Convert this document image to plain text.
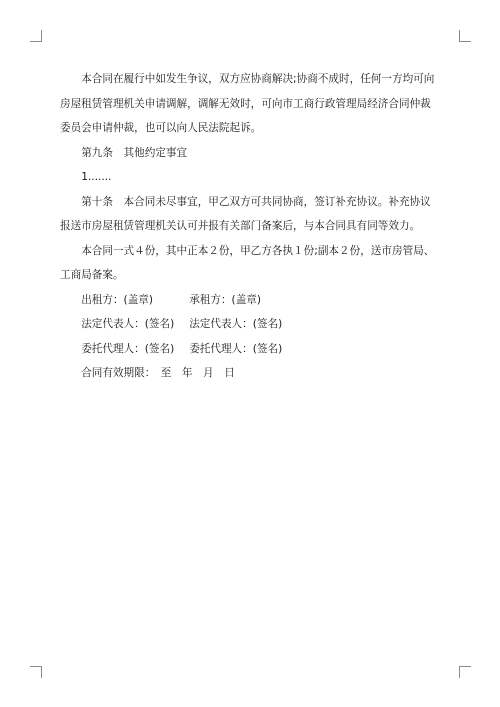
本合同在履行中如发生争议，双方应协商解决;协商不成时，任何一方均可向房屋租赁管理机关申请调解，调解无效时，可向市工商行政管理局经济合同仲裁委员会申请仲裁，也可以向人民法院起诉。

第九条　其他约定事宜

1.......

第十条　本合同未尽事宜，甲乙双方可共同协商，签订补充协议。补充协议报送市房屋租赁管理机关认可并报有关部门备案后，与本合同具有同等效力。

本合同一式４份，其中正本２份，甲乙方各执１份;副本２份，送市房管局、工商局备案。

出租方：(盖章)	承租方：(盖章)

法定代表人：(签名)	法定代表人：(签名)

委托代理人：(签名)	委托代理人：(签名)

合同有效期限：　至　年　月　日
